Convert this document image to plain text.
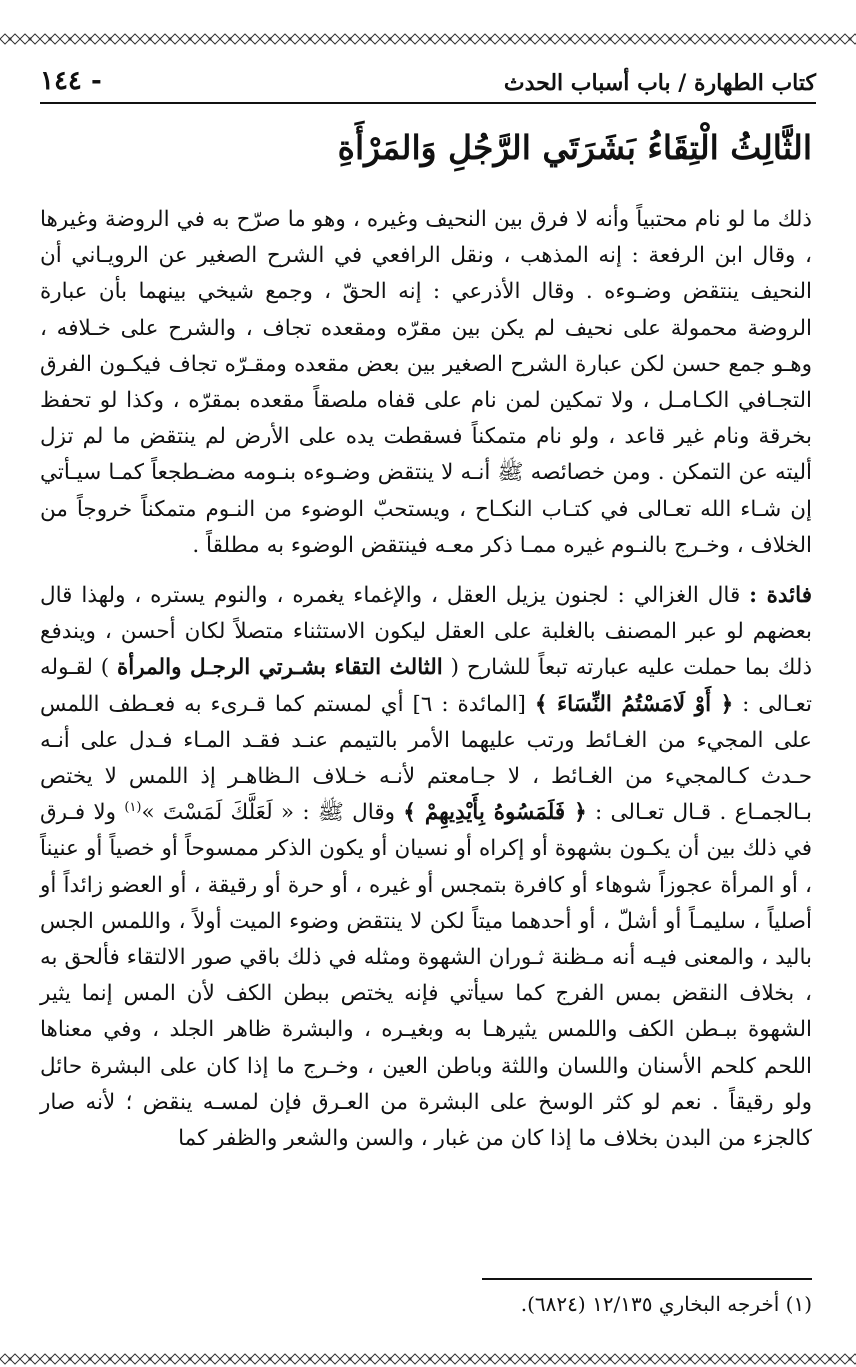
كتاب الطهارة / باب أسباب الحدث
- ١٤٤
الثَّالِثُ الْتِقَاءُ بَشَرَتَي الرَّجُلِ وَالمَرْأَةِ

ذلك ما لو نام محتبياً وأنه لا فرق بين النحيف وغيره ، وهو ما صرّح به في الروضة وغيرها ، وقال ابن الرفعة : إنه المذهب ، ونقل الرافعي في الشرح الصغير عن الرويـاني أن النحيف ينتقض وضـوءه . وقال الأذرعي : إنه الحقّ ، وجمع شيخي بينهما بأن عبارة الروضة محمولة على نحيف لم يكن بين مقرّه ومقعده تجاف ، والشرح على خـلافه ، وهـو جمع حسن لكن عبارة الشرح الصغير بين بعض مقعده ومقـرّه تجاف فيكـون الفرق التجـافي الكـامـل ، ولا تمكين لمن نام على قفاه ملصقاً مقعده بمقرّه ، وكذا لو تحفظ بخرقة ونام غير قاعد ، ولو نام متمكناً فسقطت يده على الأرض لم ينتقض ما لم تزل أليته عن التمكن . ومن خصائصه ﷺ أنـه لا ينتقض وضـوءه بنـومه مضـطجعاً كمـا سيـأتي إن شـاء الله تعـالى في كتـاب النكـاح ، ويستحبّ الوضوء من النـوم متمكناً خروجاً من الخلاف ، وخـرج بالنـوم غيره ممـا ذكر معـه فينتقض الوضوء به مطلقاً .

فائدة : قال الغزالي : لجنون يزيل العقل ، والإغماء يغمره ، والنوم يستره ، ولهذا قال بعضهم لو عبر المصنف بالغلبة على العقل ليكون الاستثناء متصلاً لكان أحسن ، ويندفع ذلك بما حملت عليه عبارته تبعاً للشارح ( الثالث التقاء بشـرتي الرجـل والمرأة ) لقـوله تعـالى : ﴿ أَوْ لَامَسْتُمُ النِّسَاءَ ﴾ [المائدة : ٦] أي لمستم كما قـرىء به فعـطف اللمس على المجيء من الغـائط ورتب عليهما الأمر بالتيمم عنـد فقـد المـاء فـدل على أنـه حـدث كـالمجيء من الغـائط ، لا جـامعتم لأنـه خـلاف الـظاهـر إذ اللمس لا يختص بـالجمـاع . قـال تعـالى : ﴿ فَلَمَسُوهُ بِأَيْدِيهِمْ ﴾ وقال ﷺ : « لَعَلَّكَ لَمَسْتَ »$^{(١)}$ ولا فـرق في ذلك بين أن يكـون بشهوة أو إكراه أو نسيان أو يكون الذكر ممسوحاً أو خصياً أو عنيناً ، أو المرأة عجوزاً شوهاء أو كافرة بتمجس أو غيره ، أو حرة أو رقيقة ، أو العضو زائداً أو أصلياً ، سليمـاً أو أشلّ ، أو أحدهما ميتاً لكن لا ينتقض وضوء الميت أولاً ، واللمس الجس باليد ، والمعنى فيـه أنه مـظنة ثـوران الشهوة ومثله في ذلك باقي صور الالتقاء فألحق به ، بخلاف النقض بمس الفرج كما سيأتي فإنه يختص ببطن الكف لأن المس إنما يثير الشهوة ببـطن الكف واللمس يثيرهـا به وبغيـره ، والبشرة ظاهر الجلد ، وفي معناها اللحم كلحم الأسنان واللسان واللثة وباطن العين ، وخـرج ما إذا كان على البشرة حائل ولو رقيقاً . نعم لو كثر الوسخ على البشرة من العـرق فإن لمسـه ينقض ؛ لأنه صار كالجزء من البدن بخلاف ما إذا كان من غبار ، والسن والشعر والظفر كما

(١) أخرجه البخاري ١٢/١٣٥ (٦٨٢٤).
